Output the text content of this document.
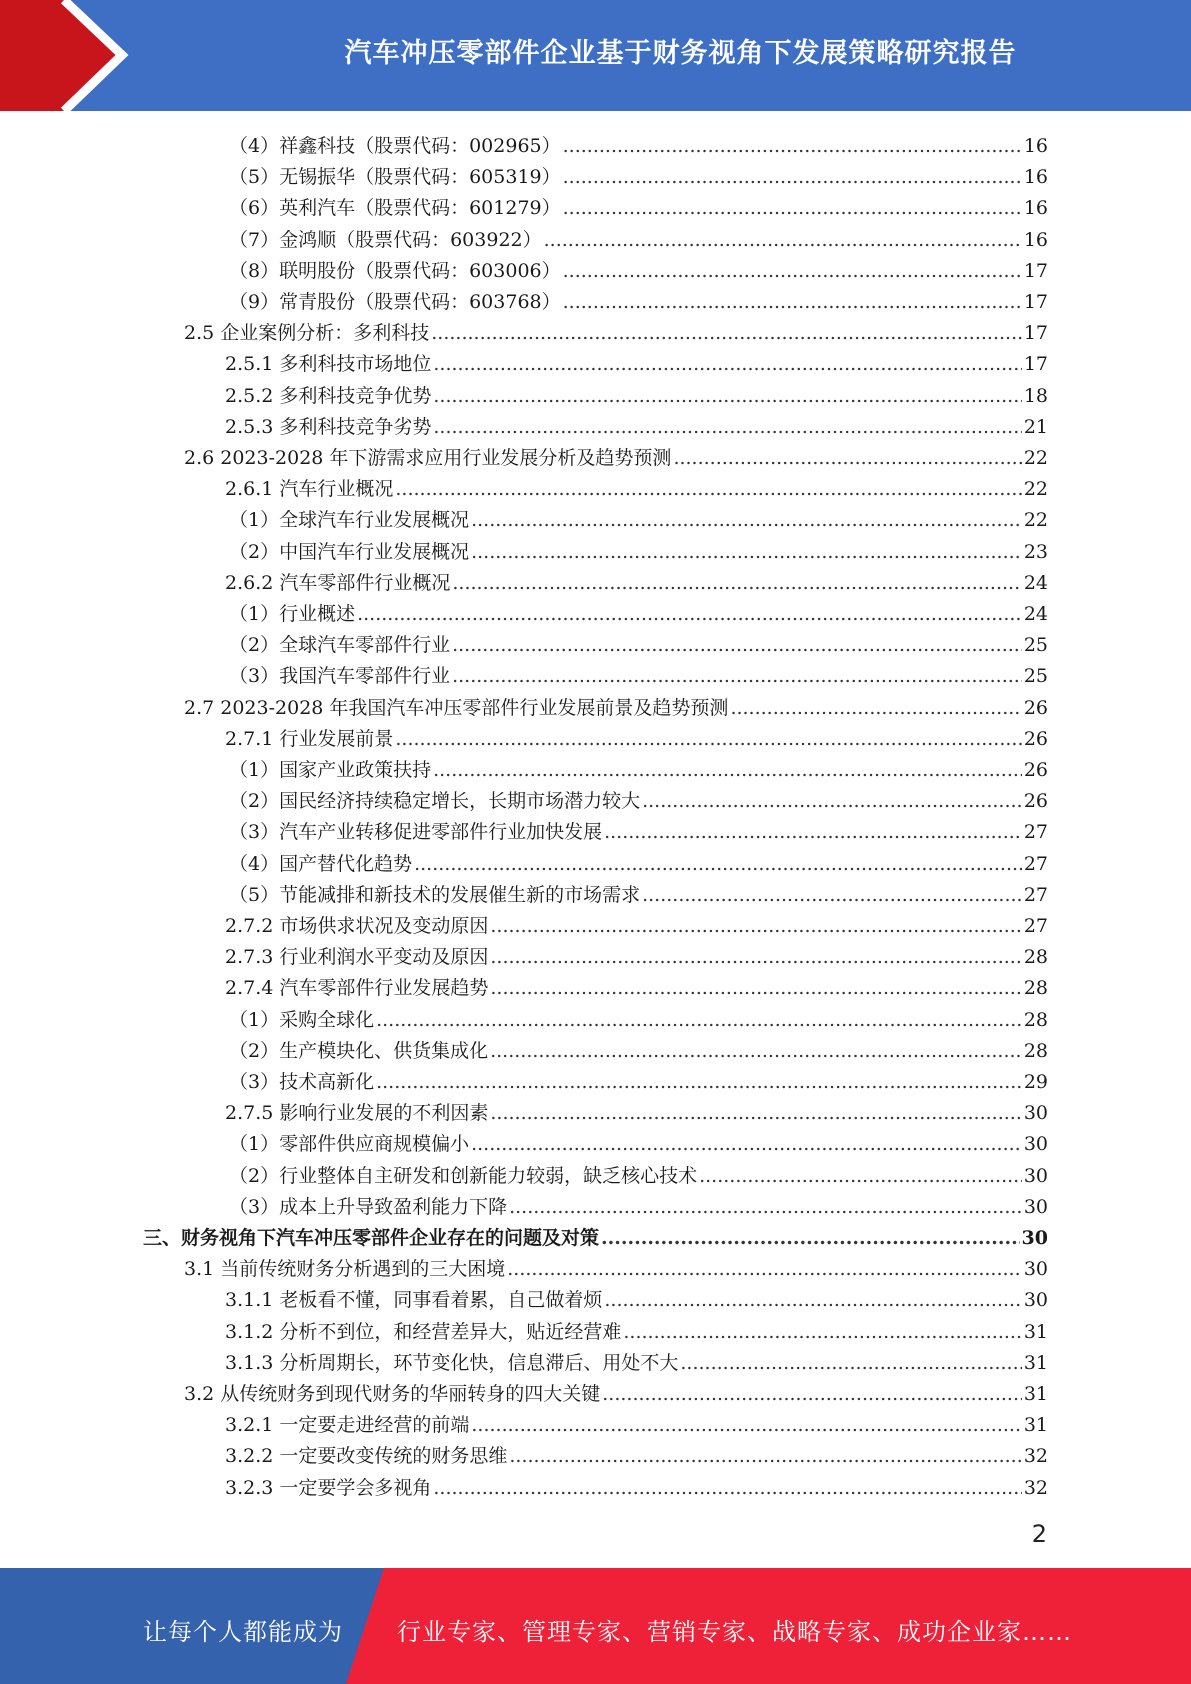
汽车冲压零部件企业基于财务视角下发展策略研究报告
（4）祥鑫科技（股票代码：002965） .....	16
（5）无锡振华（股票代码：605319） .....	16
（6）英利汽车（股票代码：601279） .....	16
（7）金鸿顺（股票代码：603922） .....	16
（8）联明股份（股票代码：603006） .....	17
（9）常青股份（股票代码：603768） .....	17
2.5 企业案例分析：多利科技 .....	17
2.5.1 多利科技市场地位 .....	17
2.5.2 多利科技竞争优势 .....	18
2.5.3 多利科技竞争劣势 .....	21
2.6 2023-2028 年下游需求应用行业发展分析及趋势预测 .....	22
2.6.1 汽车行业概况 .....	22
（1）全球汽车行业发展概况 .....	22
（2）中国汽车行业发展概况 .....	23
2.6.2 汽车零部件行业概况 .....	24
（1）行业概述 .....	24
（2）全球汽车零部件行业 .....	25
（3）我国汽车零部件行业 .....	25
2.7 2023-2028 年我国汽车冲压零部件行业发展前景及趋势预测 .....	26
2.7.1 行业发展前景 .....	26
（1）国家产业政策扶持 .....	26
（2）国民经济持续稳定增长，长期市场潜力较大 .....	26
（3）汽车产业转移促进零部件行业加快发展 .....	27
（4）国产替代化趋势 .....	27
（5）节能减排和新技术的发展催生新的市场需求 .....	27
2.7.2 市场供求状况及变动原因 .....	27
2.7.3 行业利润水平变动及原因 .....	28
2.7.4 汽车零部件行业发展趋势 .....	28
（1）采购全球化 .....	28
（2）生产模块化、供货集成化 .....	28
（3）技术高新化 .....	29
2.7.5 影响行业发展的不利因素 .....	30
（1）零部件供应商规模偏小 .....	30
（2）行业整体自主研发和创新能力较弱，缺乏核心技术 .....	30
（3）成本上升导致盈利能力下降 .....	30
三、财务视角下汽车冲压零部件企业存在的问题及对策 .....	30
3.1 当前传统财务分析遇到的三大困境 .....	30
3.1.1 老板看不懂，同事看着累，自己做着烦 .....	30
3.1.2 分析不到位，和经营差异大，贴近经营难 .....	31
3.1.3 分析周期长，环节变化快，信息滞后、用处不大 .....	31
3.2 从传统财务到现代财务的华丽转身的四大关键 .....	31
3.2.1 一定要走进经营的前端 .....	31
3.2.2 一定要改变传统的财务思维 .....	32
3.2.3 一定要学会多视角 .....	32
2
让每个人都能成为 行业专家、管理专家、营销专家、战略专家、成功企业家……
